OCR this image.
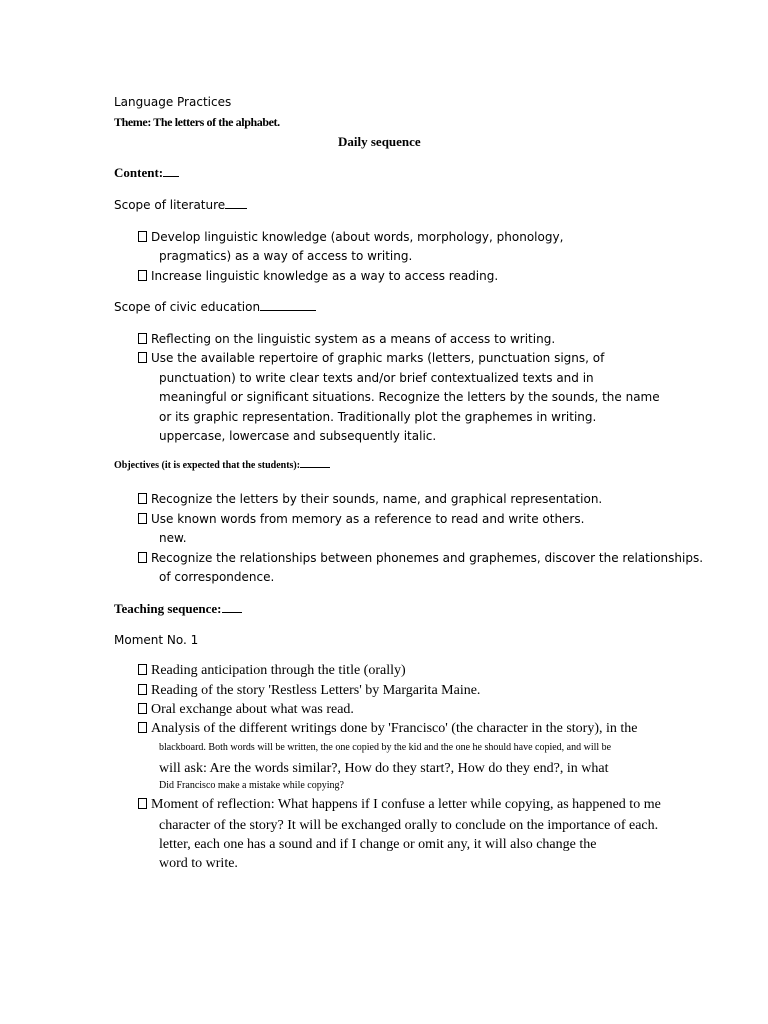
Language Practices
Theme: The letters of the alphabet.
Daily sequence
Content:
Scope of literature
Develop linguistic knowledge (about words, morphology, phonology,
pragmatics) as a way of access to writing.
Increase linguistic knowledge as a way to access reading.
Scope of civic education
Reflecting on the linguistic system as a means of access to writing.
Use the available repertoire of graphic marks (letters, punctuation signs, of
punctuation) to write clear texts and/or brief contextualized texts and in
meaningful or significant situations. Recognize the letters by the sounds, the name
or its graphic representation. Traditionally plot the graphemes in writing.
uppercase, lowercase and subsequently italic.
Objectives (it is expected that the students):
Recognize the letters by their sounds, name, and graphical representation.
Use known words from memory as a reference to read and write others.
new.
Recognize the relationships between phonemes and graphemes, discover the relationships.
of correspondence.
Teaching sequence:
Moment No. 1
Reading anticipation through the title (orally)
Reading of the story 'Restless Letters' by Margarita Maine.
Oral exchange about what was read.
Analysis of the different writings done by 'Francisco' (the character in the story), in the
blackboard. Both words will be written, the one copied by the kid and the one he should have copied, and will be
will ask: Are the words similar?, How do they start?, How do they end?, in what
Did Francisco make a mistake while copying?
Moment of reflection: What happens if I confuse a letter while copying, as happened to me
character of the story? It will be exchanged orally to conclude on the importance of each.
letter, each one has a sound and if I change or omit any, it will also change the
word to write.
